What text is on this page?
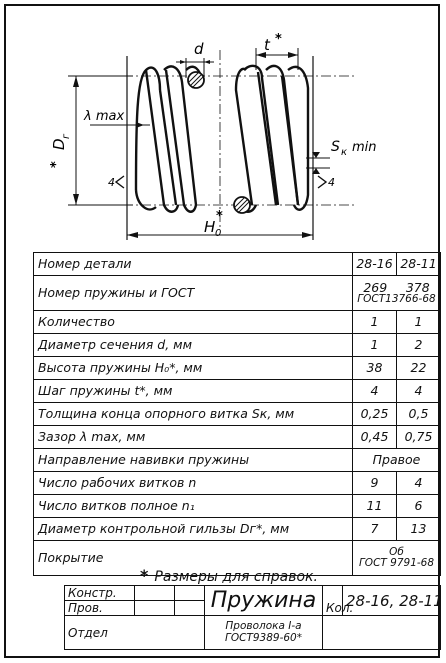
d	t *
λ max
D
г
*
S к min
H 0
*
4	4
Номер детали	28-16	28-11
Номер пружины и ГОСТ	269 378
ГОСТ13766-68	

Количество	1	1
Диаметр сечения d, мм	1	2
Высота пружины H₀*, мм	38	22
Шаг пружины t*, мм	4	4
Толщина конца опорного витка Sк, мм	0,25	0,5
Зазор λ max, мм	0,45	0,75
Направление навивки пружины	Правое	
Число рабочих витков n	9	4
Число витков полное n₁	11	6
Диаметр контрольной гильзы Dг*, мм	7	13
Покрытие	Об
ГОСТ 9791-68	
* Размеры для справок.
Констр.			Пружина	Кол.	28-16, 28-11
Пров.					
Отдел			Проволока I-а
ГОСТ9389-60*		
